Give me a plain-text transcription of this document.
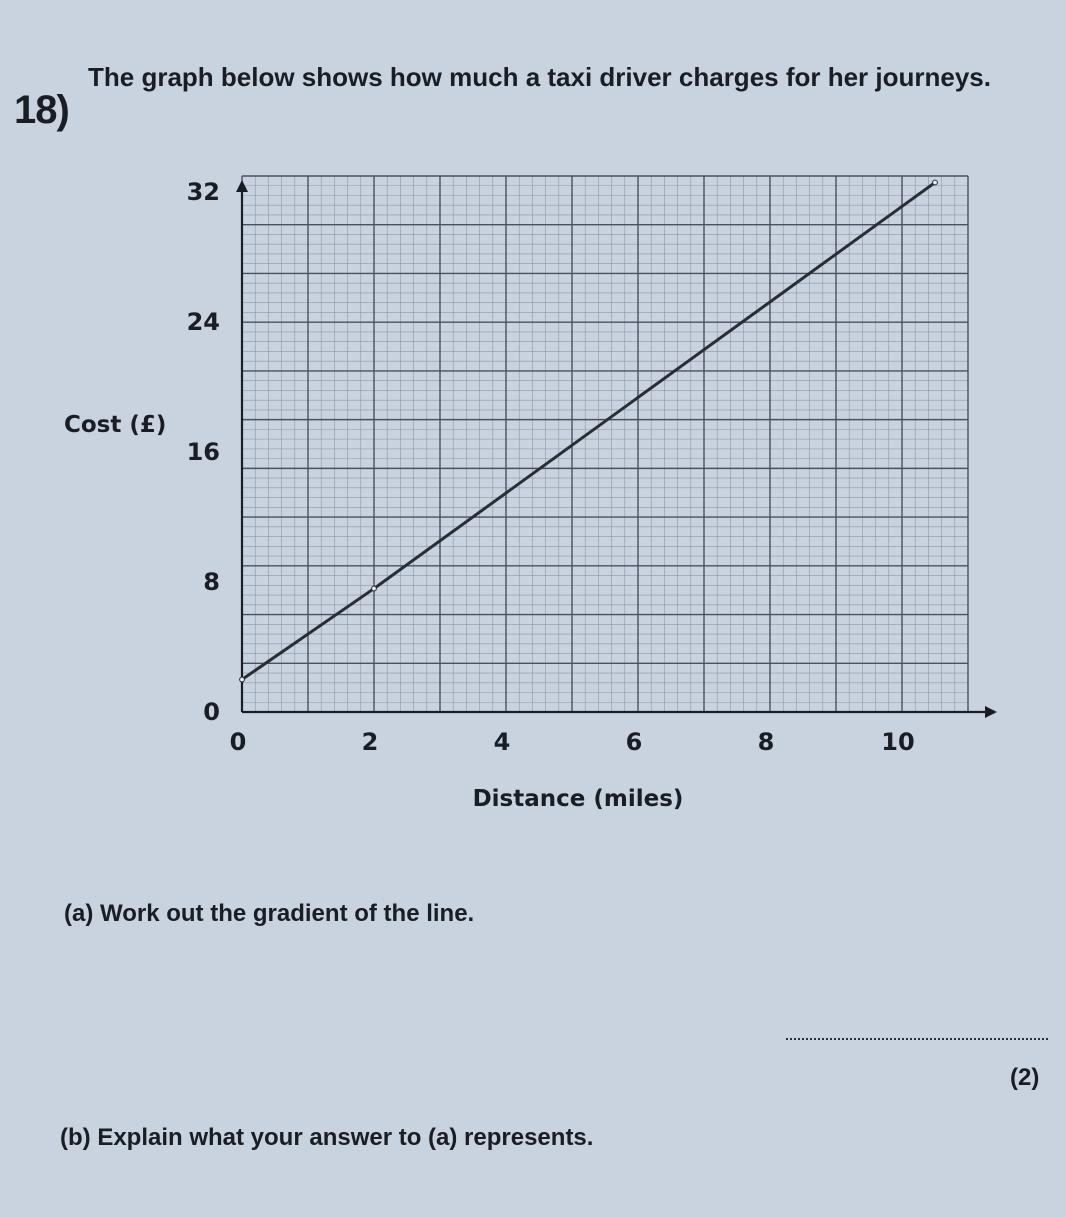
18)
The graph below shows how much a taxi driver charges for her journeys.
0	2	4	6	8	10
0
8
16
24
32
Cost (£)
Distance (miles)
(a) Work out the gradient of the line.
(2)
(b) Explain what your answer to (a) represents.
